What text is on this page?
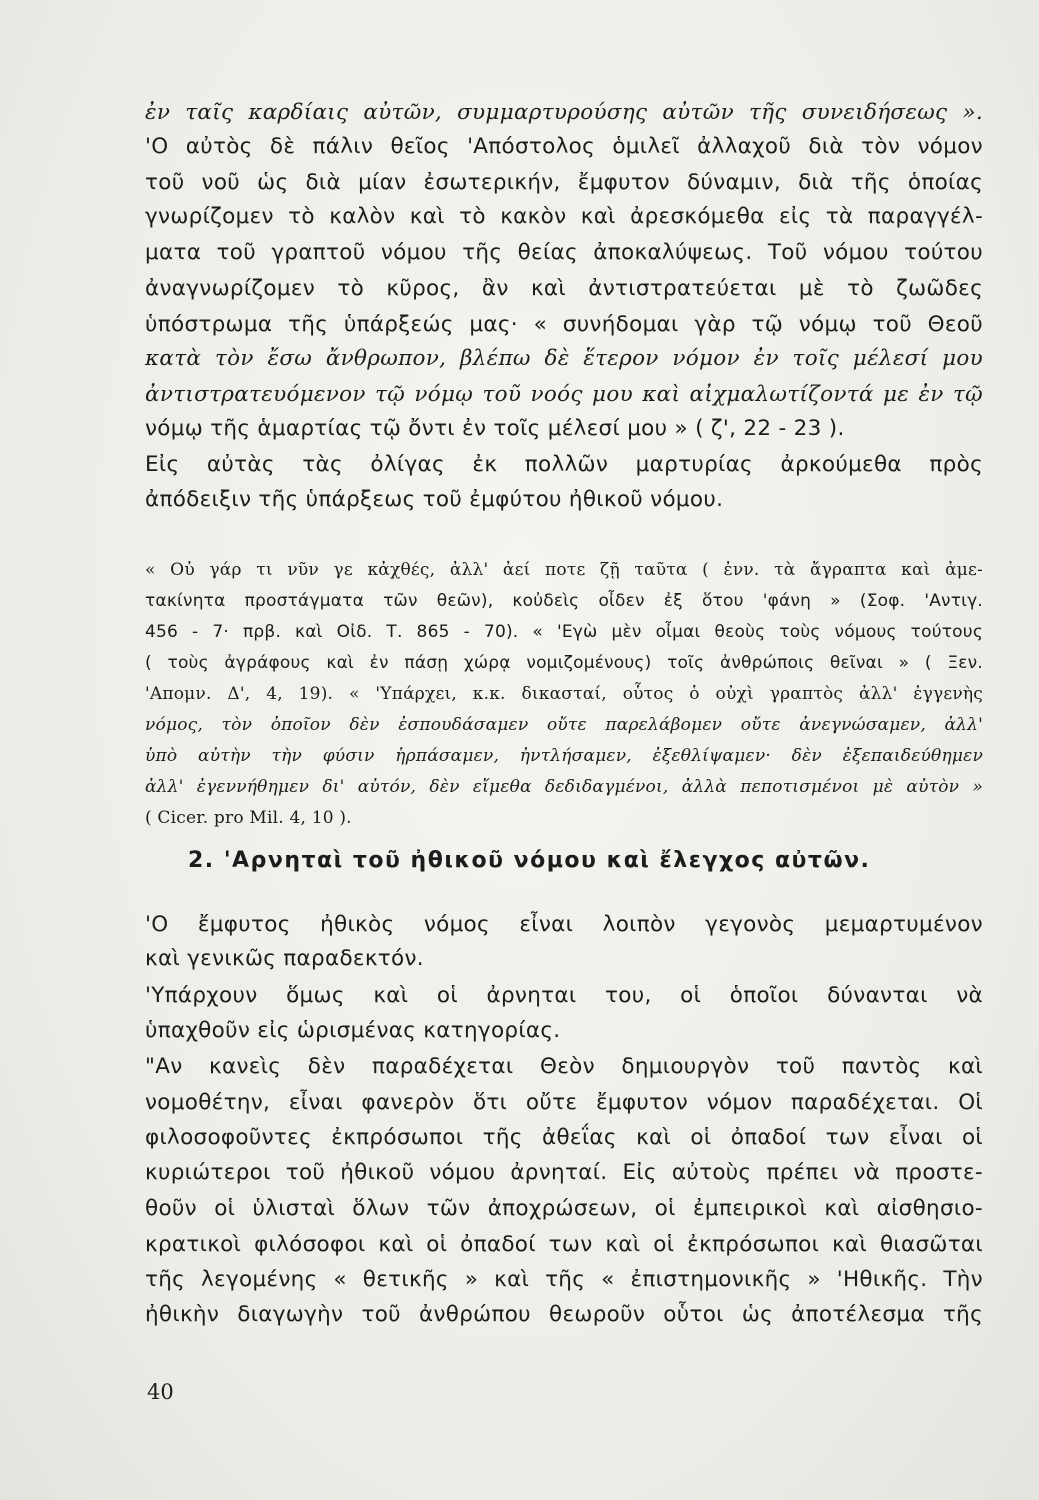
ἐν ταῖς καρδίαις αὐτῶν, συμμαρτυρούσης αὐτῶν τῆς συνειδήσεως ».
'Ο αὐτὸς δὲ πάλιν θεῖος 'Απόστολος ὁμιλεῖ ἀλλαχοῦ διὰ τὸν νόμον
τοῦ νοῦ ὡς διὰ μίαν ἐσωτερικήν, ἔμφυτον δύναμιν, διὰ τῆς ὁποίας
γνωρίζομεν τὸ καλὸν καὶ τὸ κακὸν καὶ ἀρεσκόμεθα εἰς τὰ παραγγέλ-
ματα τοῦ γραπτοῦ νόμου τῆς θείας ἀποκαλύψεως. Τοῦ νόμου τούτου
ἀναγνωρίζομεν τὸ κῦρος, ἂν καὶ ἀντιστρατεύεται μὲ τὸ ζωῶδες
ὑπόστρωμα τῆς ὑπάρξεώς μας· « συνήδομαι γὰρ τῷ νόμῳ τοῦ Θεοῦ
κατὰ τὸν ἔσω ἄνθρωπον, βλέπω δὲ ἕτερον νόμον ἐν τοῖς μέλεσί μου
ἀντιστρατευόμενον τῷ νόμῳ τοῦ νοός μου καὶ αἰχμαλωτίζοντά με ἐν τῷ
νόμῳ τῆς ἁμαρτίας τῷ ὄντι ἐν τοῖς μέλεσί μου » ( ζ', 22 - 23 ).
Εἰς αὐτὰς τὰς ὀλίγας ἐκ πολλῶν μαρτυρίας ἀρκούμεθα πρὸς
ἀπόδειξιν τῆς ὑπάρξεως τοῦ ἐμφύτου ἠθικοῦ νόμου.
« Οὐ γάρ τι νῦν γε κἀχθές, ἀλλ' ἀεί ποτε ζῇ ταῦτα ( ἐνν. τὰ ἄγραπτα καὶ ἀμε-
τακίνητα προστάγματα τῶν θεῶν), κοὐδεὶς οἶδεν ἐξ ὅτου 'φάνη » (Σοφ. 'Αντιγ.
456 - 7· πρβ. καὶ Οἰδ. Τ. 865 - 70). « 'Εγὼ μὲν οἶμαι θεοὺς τοὺς νόμους τούτους
( τοὺς ἀγράφους καὶ ἐν πάσῃ χώρᾳ νομιζομένους) τοῖς ἀνθρώποις θεῖναι » ( Ξεν.
'Απομν. Δ', 4, 19). « 'Υπάρχει, κ.κ. δικασταί, οὗτος ὁ οὐχὶ γραπτὸς ἀλλ' ἐγγενὴς
νόμος, τὸν ὁποῖον δὲν ἐσπουδάσαμεν οὔτε παρελάβομεν οὔτε ἀνεγνώσαμεν, ἀλλ'
ὑπὸ αὐτὴν τὴν φύσιν ἡρπάσαμεν, ἠντλήσαμεν, ἐξεθλίψαμεν· δὲν ἐξεπαιδεύθημεν
ἀλλ' ἐγεννήθημεν δι' αὐτόν, δὲν εἴμεθα δεδιδαγμένοι, ἀλλὰ πεποτισμένοι μὲ αὐτὸν »
( Cicer. pro Mil. 4, 10 ).
2. 'Αρνηταὶ τοῦ ἠθικοῦ νόμου καὶ ἔλεγχος αὐτῶν.
'Ο ἔμφυτος ἠθικὸς νόμος εἶναι λοιπὸν γεγονὸς μεμαρτυμένον
καὶ γενικῶς παραδεκτόν.
'Υπάρχουν ὅμως καὶ οἱ ἀρνηται του, οἱ ὁποῖοι δύνανται νὰ
ὑπαχθοῦν εἰς ὡρισμένας κατηγορίας.
"Αν κανεὶς δὲν παραδέχεται Θεὸν δημιουργὸν τοῦ παντὸς καὶ
νομοθέτην, εἶναι φανερὸν ὅτι οὔτε ἔμφυτον νόμον παραδέχεται. Οἱ
φιλοσοφοῦντες ἐκπρόσωποι τῆς ἀθεΐας καὶ οἱ ὀπαδοί των εἶναι οἱ
κυριώτεροι τοῦ ἠθικοῦ νόμου ἀρνηταί. Εἰς αὐτοὺς πρέπει νὰ προστε-
θοῦν οἱ ὑλισταὶ ὅλων τῶν ἀποχρώσεων, οἱ ἐμπειρικοὶ καὶ αἰσθησιο-
κρατικοὶ φιλόσοφοι καὶ οἱ ὀπαδοί των καὶ οἱ ἐκπρόσωποι καὶ θιασῶται
τῆς λεγομένης « θετικῆς » καὶ τῆς « ἐπιστημονικῆς » 'Ηθικῆς. Τὴν
ἠθικὴν διαγωγὴν τοῦ ἀνθρώπου θεωροῦν οὗτοι ὡς ἀποτέλεσμα τῆς
40
